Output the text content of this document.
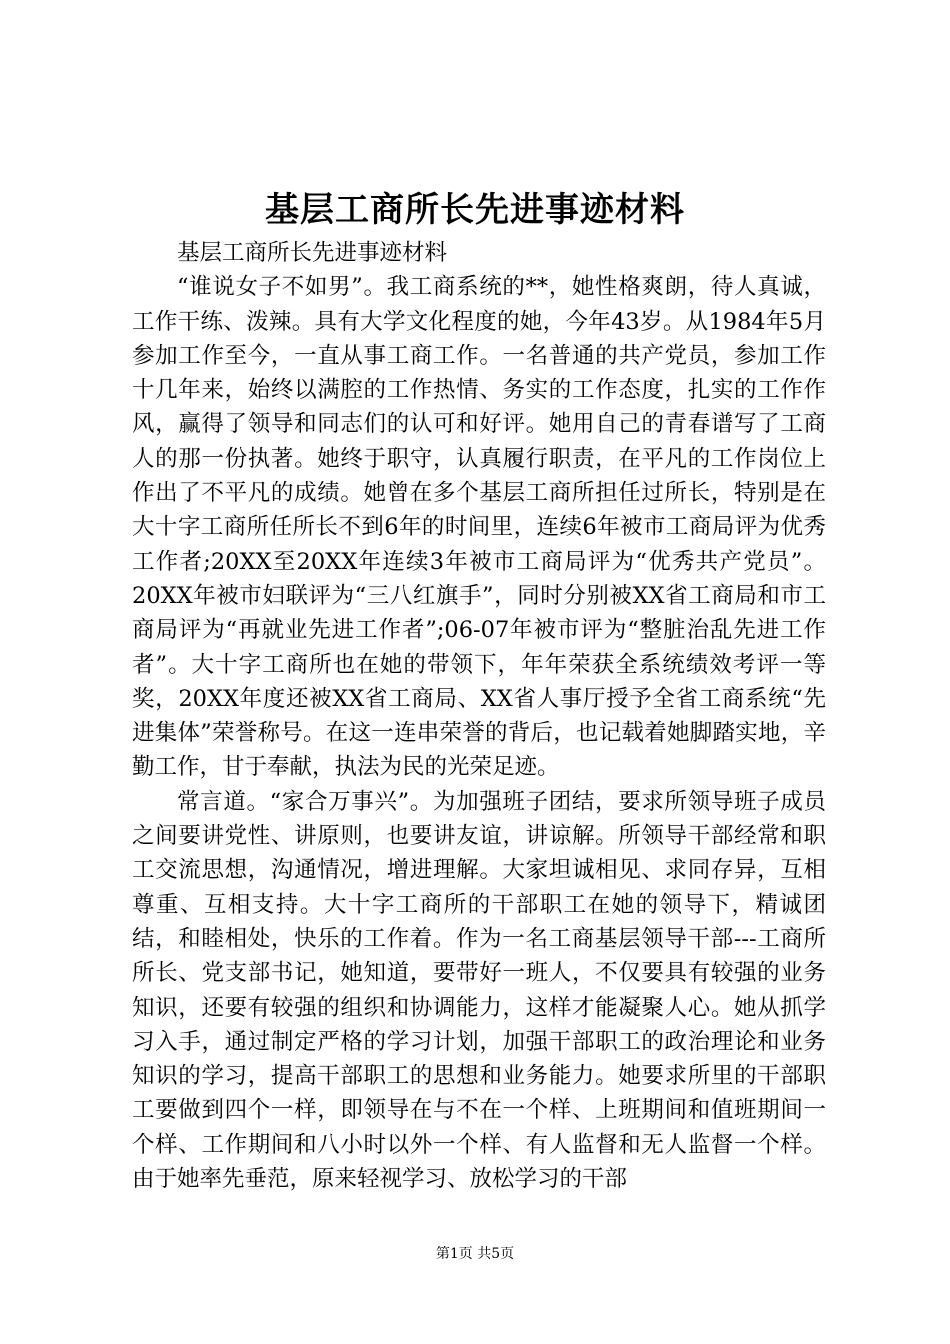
基层工商所长先进事迹材料

基层工商所长先进事迹材料

“谁说女子不如男”。我工商系统的**，她性格爽朗，待人真诚，工作干练、泼辣。具有大学文化程度的她，今年43岁。从1984年5月参加工作至今，一直从事工商工作。一名普通的共产党员，参加工作十几年来，始终以满腔的工作热情、务实的工作态度，扎实的工作作风，赢得了领导和同志们的认可和好评。她用自己的青春谱写了工商人的那一份执著。她终于职守，认真履行职责，在平凡的工作岗位上作出了不平凡的成绩。她曾在多个基层工商所担任过所长，特别是在大十字工商所任所长不到6年的时间里，连续6年被市工商局评为优秀工作者;20XX至20XX年连续3年被市工商局评为“优秀共产党员”。20XX年被市妇联评为“三八红旗手”，同时分别被XX省工商局和市工商局评为“再就业先进工作者”;06-07年被市评为“整脏治乱先进工作者”。大十字工商所也在她的带领下，年年荣获全系统绩效考评一等奖，20XX年度还被XX省工商局、XX省人事厅授予全省工商系统“先进集体”荣誉称号。在这一连串荣誉的背后，也记载着她脚踏实地，辛勤工作，甘于奉献，执法为民的光荣足迹。

常言道。“家合万事兴”。为加强班子团结，要求所领导班子成员之间要讲党性、讲原则，也要讲友谊，讲谅解。所领导干部经常和职工交流思想，沟通情况，增进理解。大家坦诚相见、求同存异，互相尊重、互相支持。大十字工商所的干部职工在她的领导下，精诚团结，和睦相处，快乐的工作着。作为一名工商基层领导干部---工商所所长、党支部书记，她知道，要带好一班人，不仅要具有较强的业务知识，还要有较强的组织和协调能力，这样才能凝聚人心。她从抓学习入手，通过制定严格的学习计划，加强干部职工的政治理论和业务知识的学习，提高干部职工的思想和业务能力。她要求所里的干部职工要做到四个一样，即领导在与不在一个样、上班期间和值班期间一个样、工作期间和八小时以外一个样、有人监督和无人监督一个样。由于她率先垂范，原来轻视学习、放松学习的干部

第1页 共5页
